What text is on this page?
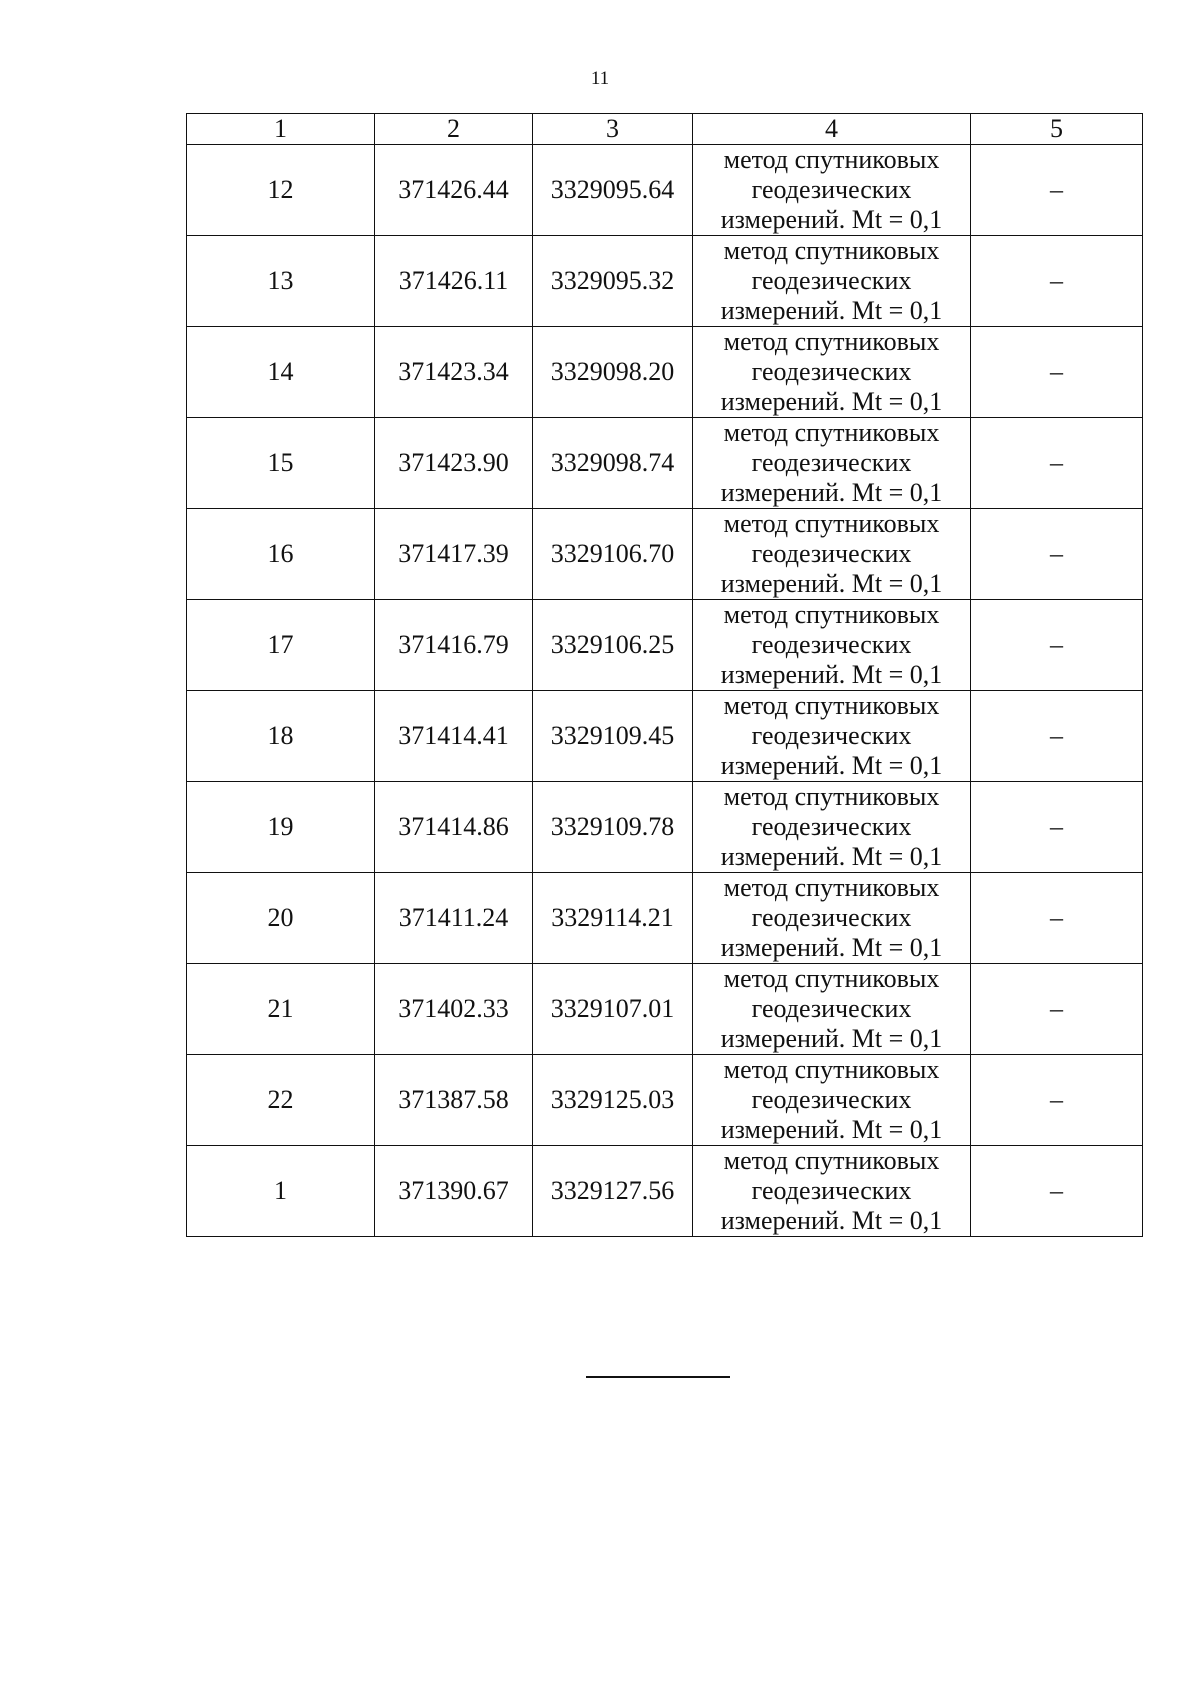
11
1	2	3	4	5
12	371426.44	3329095.64	метод спутниковых
геодезических
измерений. Mt = 0,1	–
13	371426.11	3329095.32	метод спутниковых
геодезических
измерений. Mt = 0,1	–
14	371423.34	3329098.20	метод спутниковых
геодезических
измерений. Mt = 0,1	–
15	371423.90	3329098.74	метод спутниковых
геодезических
измерений. Mt = 0,1	–
16	371417.39	3329106.70	метод спутниковых
геодезических
измерений. Mt = 0,1	–
17	371416.79	3329106.25	метод спутниковых
геодезических
измерений. Mt = 0,1	–
18	371414.41	3329109.45	метод спутниковых
геодезических
измерений. Mt = 0,1	–
19	371414.86	3329109.78	метод спутниковых
геодезических
измерений. Mt = 0,1	–
20	371411.24	3329114.21	метод спутниковых
геодезических
измерений. Mt = 0,1	–
21	371402.33	3329107.01	метод спутниковых
геодезических
измерений. Mt = 0,1	–
22	371387.58	3329125.03	метод спутниковых
геодезических
измерений. Mt = 0,1	–
1	371390.67	3329127.56	метод спутниковых
геодезических
измерений. Mt = 0,1	–
